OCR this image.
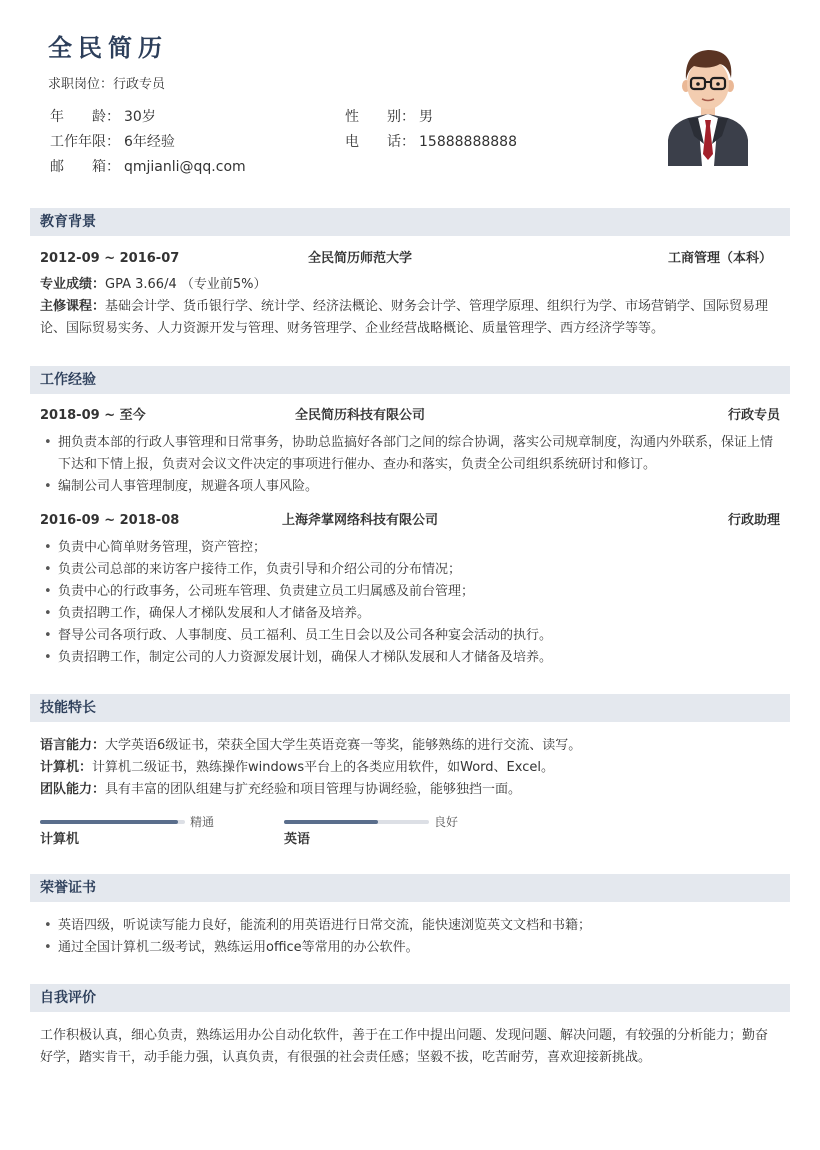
全民简历
求职岗位：行政专员
年　　龄： 30岁	性　　别： 男
工作年限： 6年经验	电　　话： 15888888888
邮　　箱： qmjianli@qq.com
教育背景
2012-09 ~ 2016-07	全民简历师范大学	工商管理（本科）
专业成绩：GPA 3.66/4 （专业前5%）
主修课程：基础会计学、货币银行学、统计学、经济法概论、财务会计学、管理学原理、组织行为学、市场营销学、国际贸易理论、国际贸易实务、人力资源开发与管理、财务管理学、企业经营战略概论、质量管理学、西方经济学等等。
工作经验
2018-09 ~ 至今	全民简历科技有限公司	行政专员
• 拥负责本部的行政人事管理和日常事务，协助总监搞好各部门之间的综合协调，落实公司规章制度，沟通内外联系，保证上情下达和下情上报，负责对会议文件决定的事项进行催办、查办和落实，负责全公司组织系统研讨和修订。
• 编制公司人事管理制度，规避各项人事风险。
2016-09 ~ 2018-08	上海斧掌网络科技有限公司	行政助理
• 负责中心简单财务管理，资产管控；
• 负责公司总部的来访客户接待工作，负责引导和介绍公司的分布情况；
• 负责中心的行政事务，公司班车管理、负责建立员工归属感及前台管理；
• 负责招聘工作，确保人才梯队发展和人才储备及培养。
• 督导公司各项行政、人事制度、员工福利、员工生日会以及公司各种宴会活动的执行。
• 负责招聘工作，制定公司的人力资源发展计划，确保人才梯队发展和人才储备及培养。
技能特长
语言能力：大学英语6级证书，荣获全国大学生英语竞赛一等奖，能够熟练的进行交流、读写。
计算机：计算机二级证书，熟练操作windows平台上的各类应用软件，如Word、Excel。
团队能力：具有丰富的团队组建与扩充经验和项目管理与协调经验，能够独挡一面。
精通
计算机
良好
英语
荣誉证书
• 英语四级，听说读写能力良好，能流利的用英语进行日常交流，能快速浏览英文文档和书籍；
• 通过全国计算机二级考试，熟练运用office等常用的办公软件。
自我评价
工作积极认真，细心负责，熟练运用办公自动化软件，善于在工作中提出问题、发现问题、解决问题，有较强的分析能力；勤奋好学，踏实肯干，动手能力强，认真负责，有很强的社会责任感；坚毅不拔，吃苦耐劳，喜欢迎接新挑战。
